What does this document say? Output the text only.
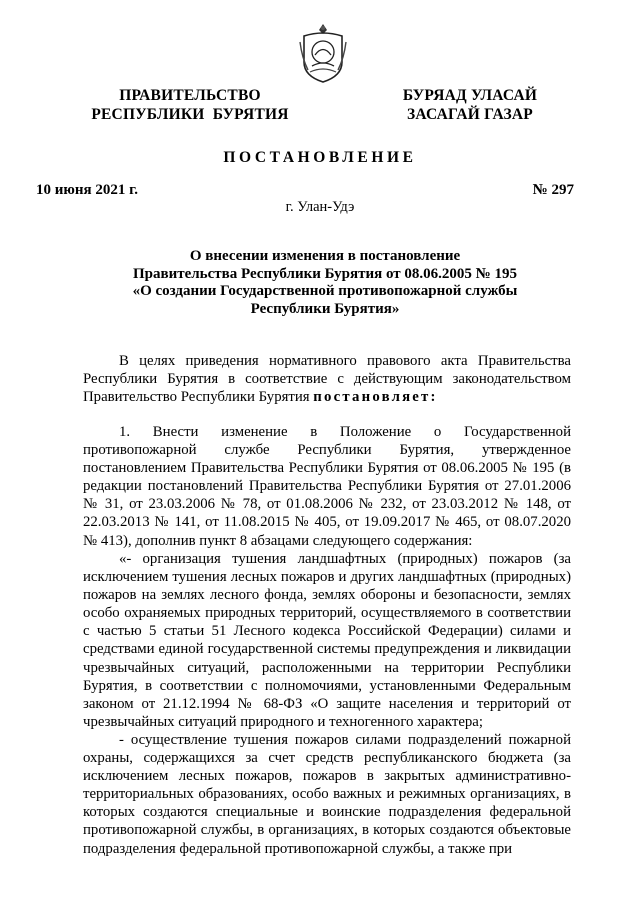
ПРАВИТЕЛЬСТВО
РЕСПУБЛИКИ  БУРЯТИЯ
БУРЯАД УЛАСАЙ
ЗАСАГАЙ ГАЗАР
ПОСТАНОВЛЕНИЕ
10 июня 2021 г.	№ 297
г. Улан-Удэ
О внесении изменения в постановление
Правительства Республики Бурятия от 08.06.2005 № 195
«О создании Государственной противопожарной службы
Республики Бурятия»

В целях приведения нормативного правового акта Правительства Республики Бурятия в соответствие с действующим законодательством Правительство Республики Бурятия постановляет:

1. Внести изменение в Положение о Государственной противопожарной службе Республики Бурятия, утвержденное постановлением Правительства Республики Бурятия от 08.06.2005 № 195 (в редакции постановлений Правительства Республики Бурятия от 27.01.2006 № 31, от 23.03.2006 № 78, от 01.08.2006 № 232, от 23.03.2012 № 148, от 22.03.2013 № 141, от 11.08.2015 № 405, от 19.09.2017 № 465, от 08.07.2020 № 413), дополнив пункт 8 абзацами следующего содержания:

«- организация тушения ландшафтных (природных) пожаров (за исключением тушения лесных пожаров и других ландшафтных (природных) пожаров на землях лесного фонда, землях обороны и безопасности, землях особо охраняемых природных территорий, осуществляемого в соответствии с частью 5 статьи 51 Лесного кодекса Российской Федерации) силами и средствами единой государственной системы предупреждения и ликвидации чрезвычайных ситуаций, расположенными на территории Республики Бурятия, в соответствии с полномочиями, установленными Федеральным законом от 21.12.1994 № 68-ФЗ «О защите населения и территорий от чрезвычайных ситуаций природного и техногенного характера;

- осуществление тушения пожаров силами подразделений пожарной охраны, содержащихся за счет средств республиканского бюджета (за исключением лесных пожаров, пожаров в закрытых административно-территориальных образованиях, особо важных и режимных организациях, в которых создаются специальные и воинские подразделения федеральной противопожарной службы, в организациях, в которых создаются объектовые подразделения федеральной противопожарной службы, а также при
